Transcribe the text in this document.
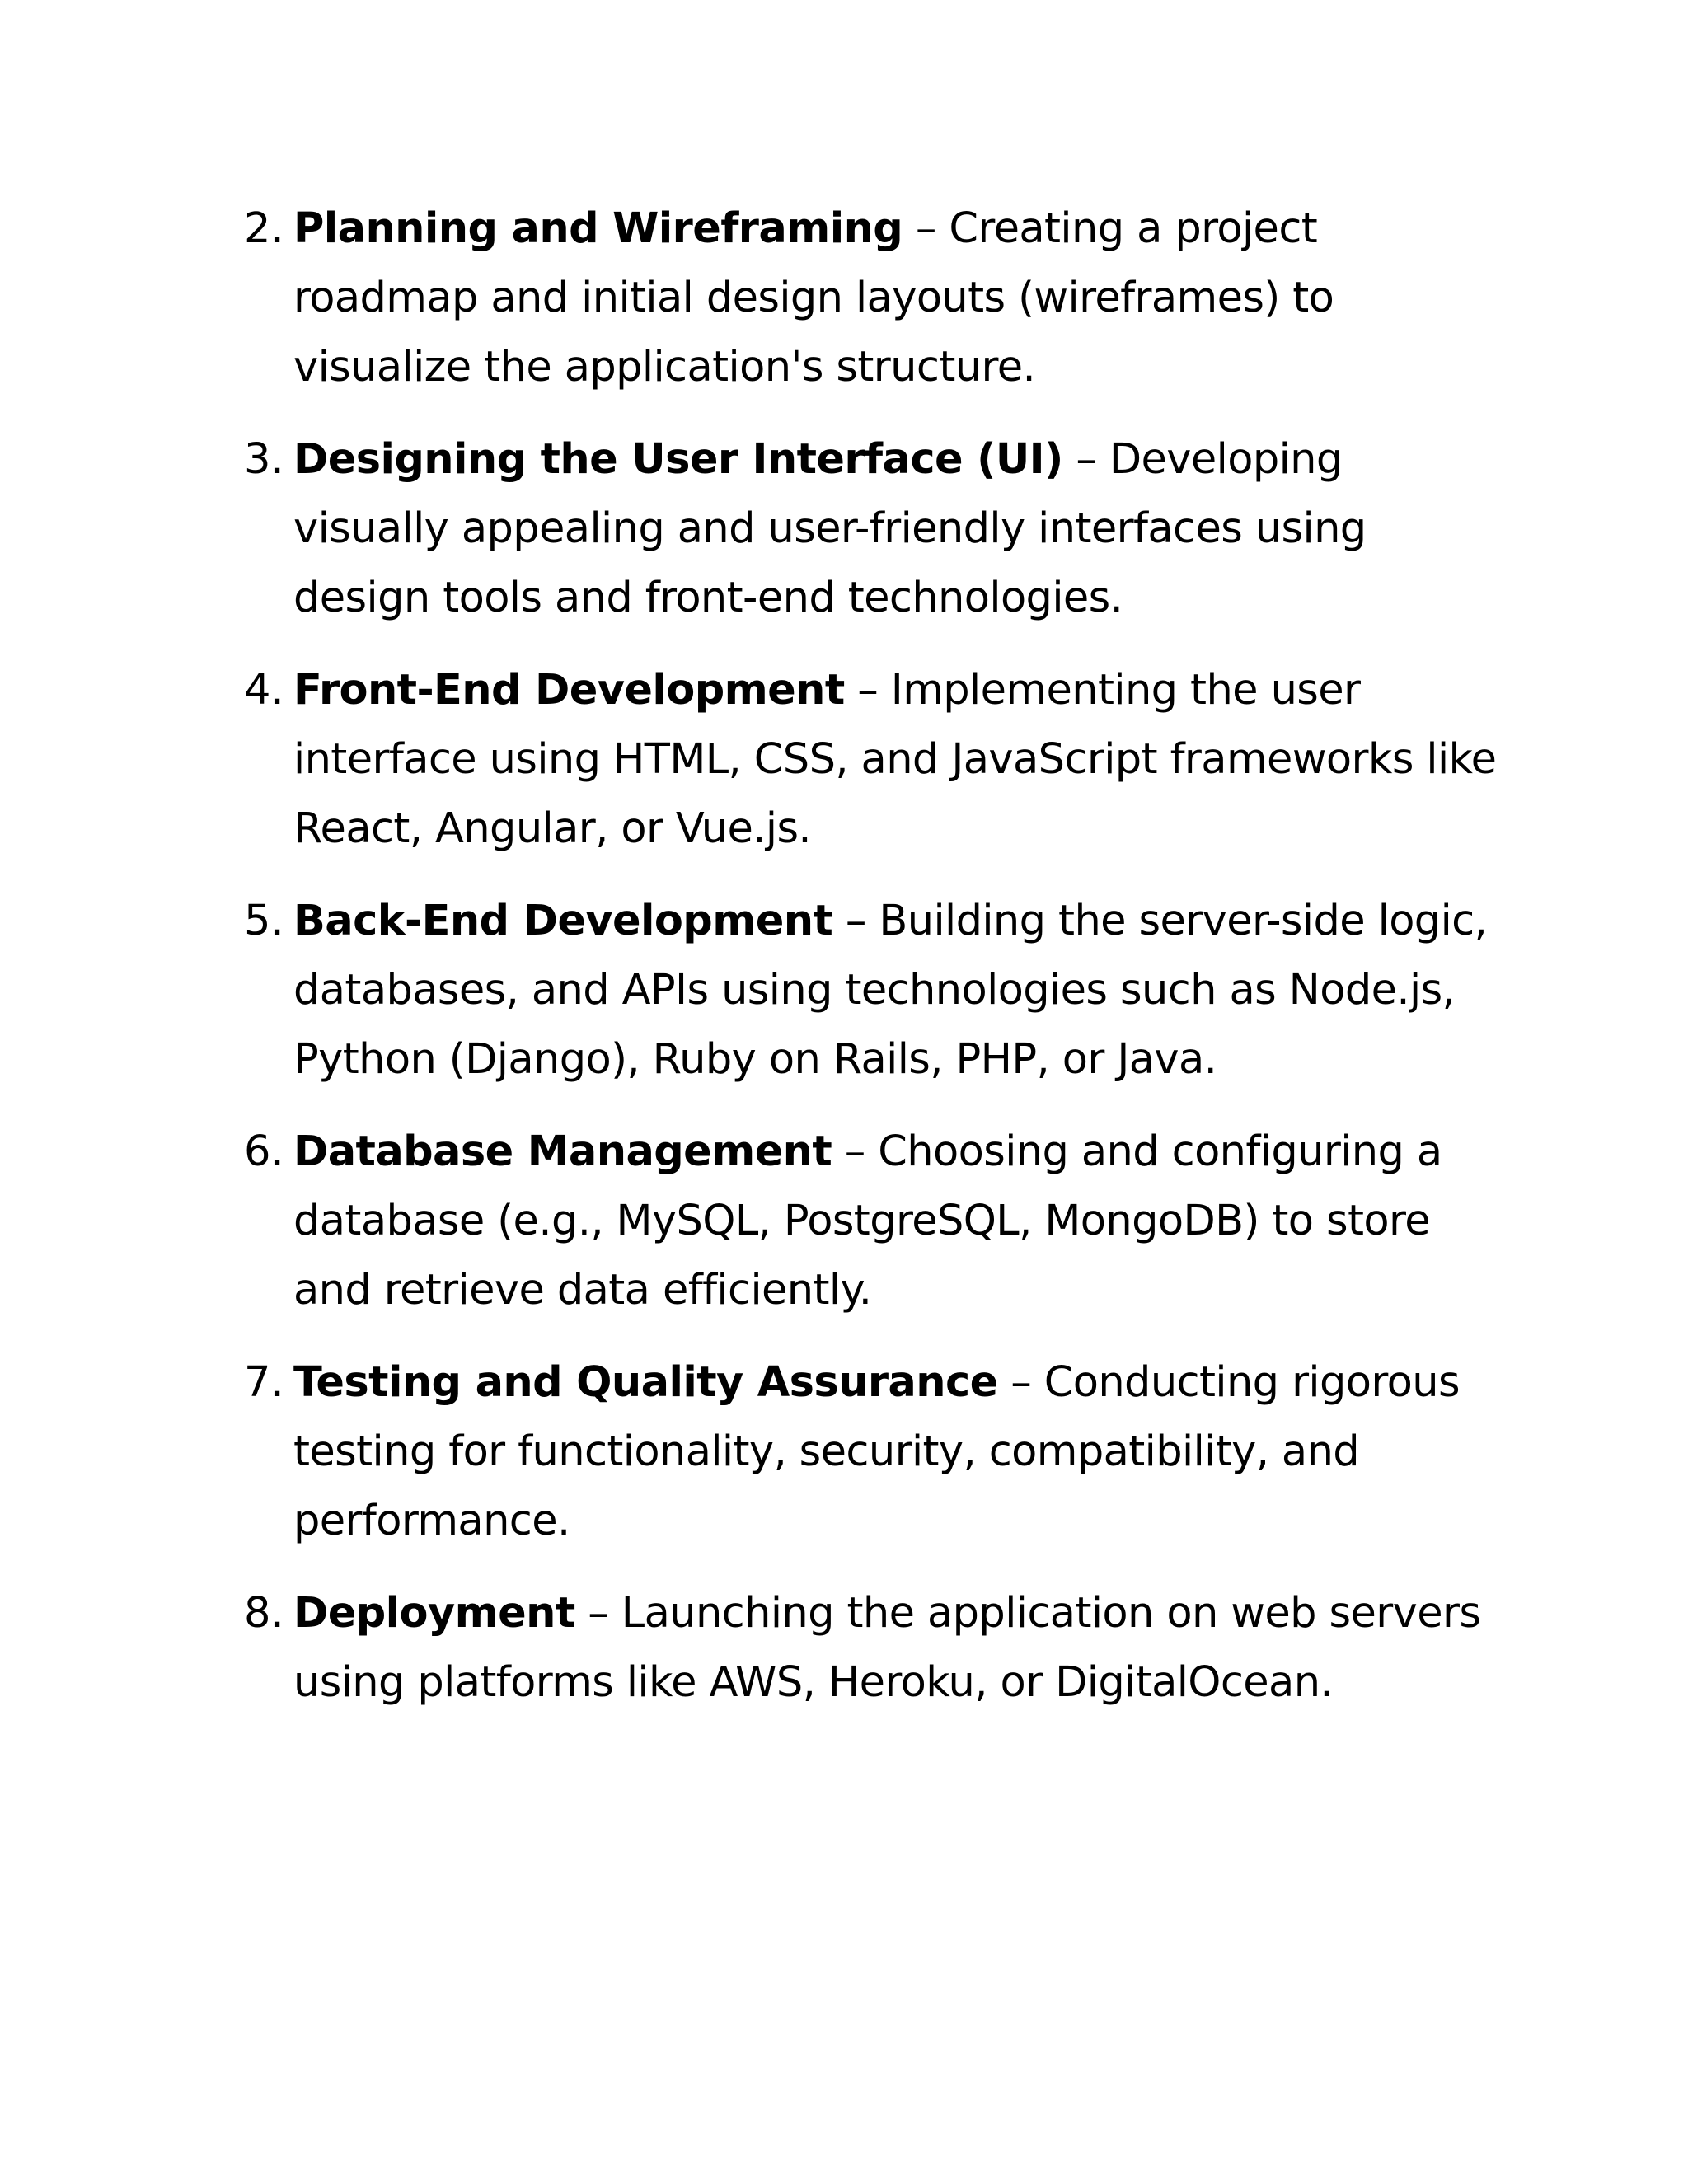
2. Planning and Wireframing – Creating a project roadmap and initial design layouts (wireframes) to visualize the application's structure.
3. Designing the User Interface (UI) – Developing visually appealing and user-friendly interfaces using design tools and front-end technologies.
4. Front-End Development – Implementing the user interface using HTML, CSS, and JavaScript frameworks like React, Angular, or Vue.js.
5. Back-End Development – Building the server-side logic, databases, and APIs using technologies such as Node.js, Python (Django), Ruby on Rails, PHP, or Java.
6. Database Management – Choosing and configuring a database (e.g., MySQL, PostgreSQL, MongoDB) to store and retrieve data efficiently.
7. Testing and Quality Assurance – Conducting rigorous testing for functionality, security, compatibility, and performance.
8. Deployment – Launching the application on web servers using platforms like AWS, Heroku, or DigitalOcean.
